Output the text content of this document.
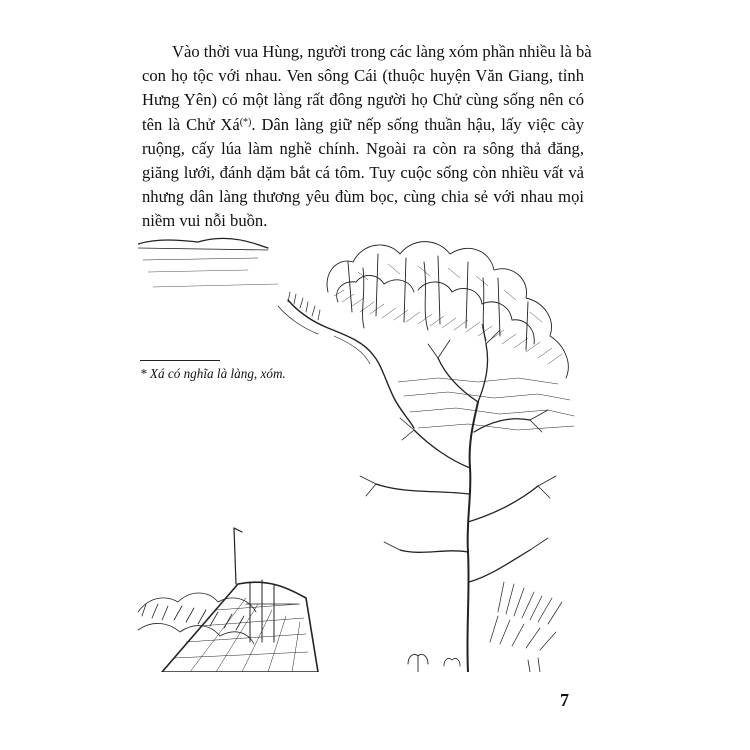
Vào thời vua Hùng, người trong các làng xóm phần nhiều là bà
con họ tộc với nhau. Ven sông Cái (thuộc huyện Văn Giang, tỉnh
Hưng Yên) có một làng rất đông người họ Chử cùng sống nên có
tên là Chử Xá(*). Dân làng giữ nếp sống thuần hậu, lấy việc cày
ruộng, cấy lúa làm nghề chính. Ngoài ra còn ra sông thả đăng,
giăng lưới, đánh dặm bắt cá tôm. Tuy cuộc sống còn nhiều vất vả
nhưng dân làng thương yêu đùm bọc, cùng chia sẻ với nhau mọi
niềm vui nỗi buồn.

* Xá có nghĩa là làng, xóm.
7
